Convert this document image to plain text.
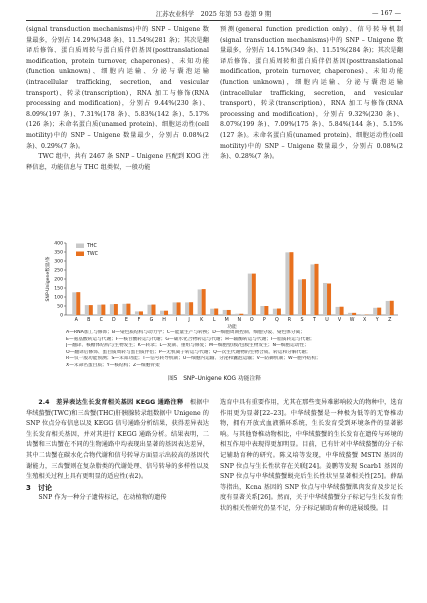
江苏农业科学　2025 年第 53 卷第 9 期	— 167 —

(signal transduction mechanisms)中的 SNP – Unigene 数量最多，分别占 14.29%(348 条)、11.54%(281 条)；其次是翻译后修饰、蛋白质周转与蛋白质伴侣基因(posttranslational modification, protein turnover, chaperones)、未知功能(function unknown)、细胞内运输、分泌与囊泡运输(intracellular trafficking, secretion, and vesicular transport)、转录(transcription)，RNA 加工与修饰(RNA processing and modification)，分别占 9.44%(230 条)、8.09%(197 条)、7.31%(178 条)、5.83%(142 条)、5.17%(126 条)；未命名蛋白质(unamed protein)、细胞运动性(cell motility)中的 SNP – Unigene 数量最少，分别占 0.08%(2 条)、0.29%(7 条)。

TWC 组中，共有 2467 条 SNP – Unigene 匹配到 KOG 注释信息，功能信息与 THC 组类似，一般功能

预测(general function prediction only)、信号转导机制(signal transduction mechanisms)中的 SNP – Unigene 数量最多，分别占 14.15%(349 条)、11.51%(284 条)；其次是翻译后修饰、蛋白质周转和蛋白质伴侣基因(posttranslational modification, protein turnover, chaperones)、未知功能(function unknown)，细胞内运输、分泌与囊泡运输(intracellular trafficking, secretion, and vesicular transport)，转录(transcription)，RNA 加工与修饰(RNA processing and modification)，分别占 9.32%(230 条)、8.07%(199 条)、7.09%(175 条)、5.84%(144 条)、5.15%(127 条)。未命名蛋白质(unamed protein)、细胞运动性(cell motility)中的 SNP – Unigene 数量最少，分别占 0.08%(2 条)、0.28%(7 条)。

0
50
100
150
200
250
300
350
400
SNP-Unigene数量/条
A B C D E F G H I J K L M N O P Q R S T U V W X Y Z
功能
THC
TWC
A—RNA加工与修饰；B—染色质结构与动力学；C—能量生产与转换；D—细胞周期控制、细胞分裂、染色体分离；
E—氨基酸转运与代谢；F—核苷酸转运与代谢；G—碳水化合物转运与代谢；H—辅酶转运与代谢；I—脂质转运与代谢；
J—翻译、核糖体结构与生物发生；K—转录；L—复制、重组与修复；M—细胞壁/膜/包膜生物发生；N—细胞运动性；
O—翻译后修饰、蛋白质周转与蛋白质伴侣；P—无机离子转运与代谢；Q—次生代谢物的生物合成、转运和分解代谢；
R—仅一般功能预测；S—未知功能；T—信号转导机制；U—细胞内运输、分泌和囊泡运输；V—防御机制；W—胞外结构；
X—未命名蛋白质；Y—核结构；Z—细胞骨架
图5　SNP–Unigene KOG 功能注释

2.4　 差异表达生长发育相关基因 KEGG 通路注释　 根据中华绒螯蟹(TWC)和三齿蟹(THC)肝胰腺转录组数据中 Unigene 的 SNP 位点分布信息以及 KEGG 信号通路分析结果，获得差异表达生长发育相关基因，并对其进行 KEGG 通路分析。结果表明，二齿蟹和三齿蟹在不同的生物通路中均表现出显著的基因表达差异，其中二齿蟹在碳水化合物代谢和信号转导方面显示出较高的基因代谢能力，三齿蟹则在复杂脂类的代谢处理、信号转导的多样性以及生殖相关过程上具有更明显的适应性(表2)。

3　讨论

SNP 作为一种分子遗传标记，在动植物的遗传

选育中具有重要作用，尤其在那些变异难影响较大的物种中，选育作用更为显著[22–23]。中华绒螯蟹是一种极为低等的无脊椎动物，拥有开放式血液循环系统，生长发育受到环境条件的显著影响。与其他脊椎动物相比，中华绒螯蟹的生长发育在遗传与环境的相互作用中表现得更加明显。目前，已有针对中华绒螯蟹的分子标记辅助育种的研究。陈义培等发现，中华绒螯蟹 MSTN 基因的 SNP 位点与生长性状存在关联[24]。姜鹏等发现 Scarb1 基因的 SNP 位点与中华绒螯蟹蜕壳后生长性状呈显著相关性[25]。薛磊等指出，Kcna 基因的 SNP 位点与中华绒螯蟹肌肉发育及步足长度有显著关系[26]。然而，关于中华绒螯蟹分子标记与生长发育性状的相关性研究仍显不足，分子标记辅助育种的进展缓慢。目
